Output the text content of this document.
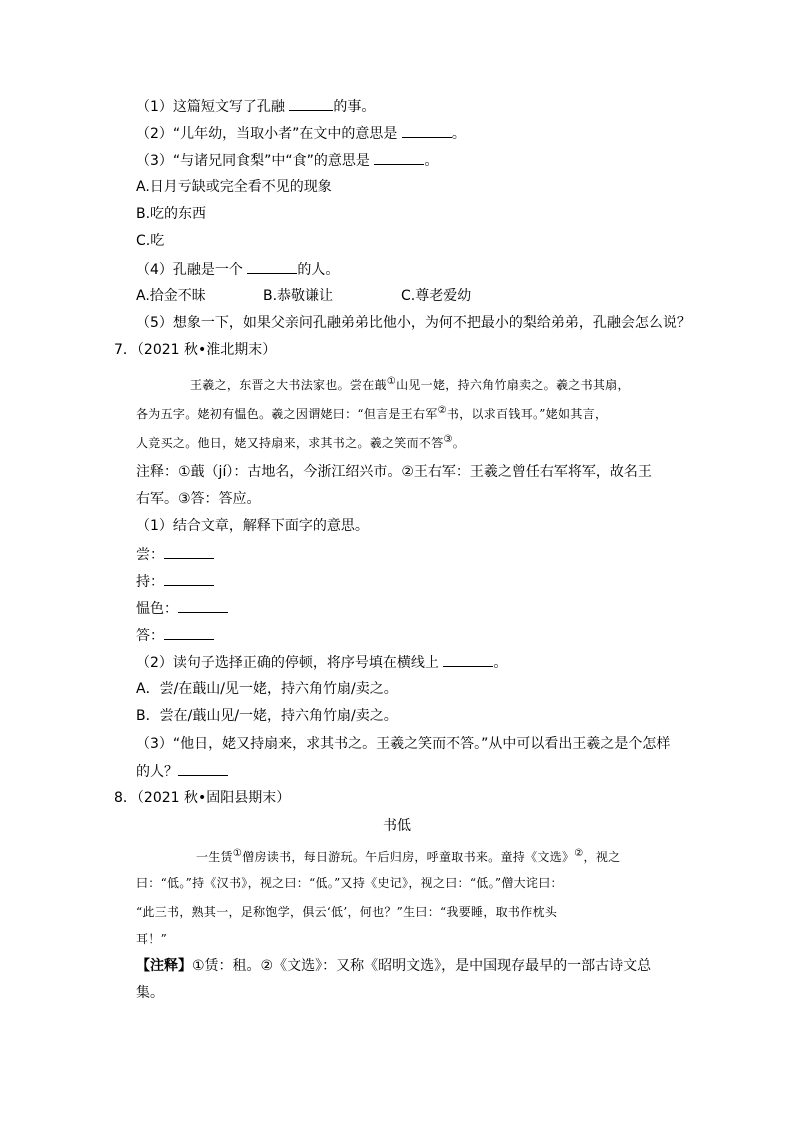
（1）这篇短文写了孔融	的事。
（2）“儿年幼，当取小者”在文中的意思是	。
（3）“与诸兄同食梨”中“食”的意思是	。
A.日月亏缺或完全看不见的现象
B.吃的东西
C.吃
（4）孔融是一个	的人。
A.拾金不昧	B.恭敬谦让	C.尊老爱幼
（5）想象一下，如果父亲问孔融弟弟比他小，为何不把最小的梨给弟弟，孔融会怎么说？
7．（2021 秋•淮北期末）
王羲之，东晋之大书法家也。尝在蕺①山见一姥，持六角竹扇卖之。羲之书其扇，
各为五字。姥初有愠色。羲之因谓姥曰：“但言是王右军②书，以求百钱耳。”姥如其言，
人竞买之。他日，姥又持扇来，求其书之。羲之笑而不答③。
注释：①蕺（jí）：古地名，今浙江绍兴市。②王右军：王羲之曾任右军将军，故名王
右军。③答：答应。
（1）结合文章，解释下面字的意思。
尝：
持：
愠色：
答：
（2）读句子选择正确的停顿，将序号填在横线上	。
A．尝/在蕺山/见一姥，持六角竹扇/卖之。
B．尝在/蕺山见/一姥，持六角竹扇/卖之。
（3）“他日，姥又持扇来，求其书之。王羲之笑而不答。”从中可以看出王羲之是个怎样
的人？
8．（2021 秋•固阳县期末）
书低
一生赁①僧房读书，每日游玩。午后归房，呼童取书来。童持《文选》②，视之
曰：“低。”持《汉书》，视之曰：“低。”又持《史记》，视之曰：“低。”僧大诧曰：
“此三书，熟其一，足称饱学，俱云‘低’，何也？”生曰：“我要睡，取书作枕头
耳！”
【注释】①赁：租。②《文选》：又称《昭明文选》，是中国现存最早的一部古诗文总
集。
